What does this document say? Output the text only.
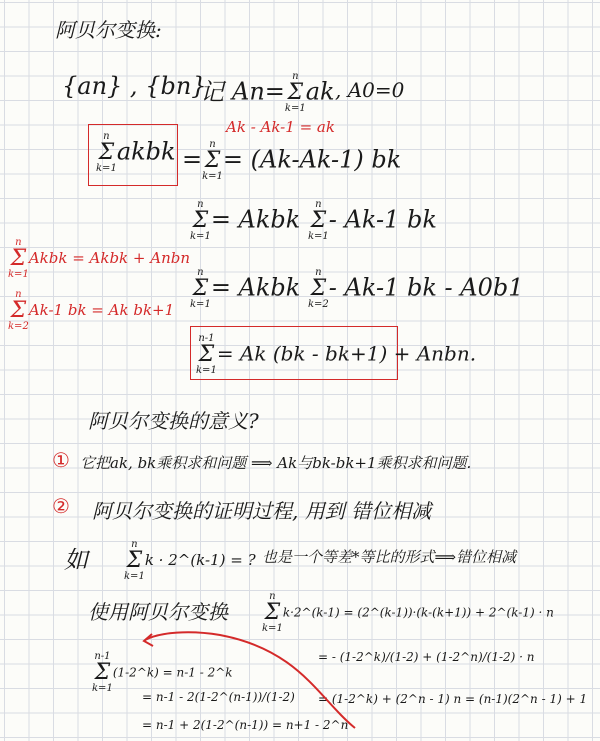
阿贝尔变换:
{an} , {bn}
记 An=
n
Σ
k=1
ak , A0=0
Ak - Ak-1 = ak
n
Σ
k=1
akbk =
n
Σ
k=1
= (Ak-Ak-1) bk
n
Σ
k=1
= Akbk
n
Σ
k=1
- Ak-1 bk
n
Σ
k=1
Akbk = Akbk + Anbn
n
Σ
k=2
Ak-1 bk = Ak bk+1
n
Σ
k=1
= Akbk
n
Σ
k=2
- Ak-1 bk - A0b1
n-1
Σ
k=1
= Ak (bk - bk+1) + Anbn.
阿贝尔变换的意义?
① 它把ak, bk乘积求和问题 ⟹ Ak与bk-bk+1乘积求和问题.
② 阿贝尔变换的证明过程, 用到 错位相减
如
n
Σ
k=1
k · 2^(k-1) = ? 也是一个等差*等比的形式⟹错位相减
使用阿贝尔变换
n
Σ
k=1
k·2^(k-1) = (2^(k-1))·(k-(k+1)) + 2^(k-1) · n
= - (1-2^k)/(1-2) + (1-2^n)/(1-2) · n
= (1-2^k) + (2^n - 1) n = (n-1)(2^n - 1) + 1
n-1
Σ
k=1
(1-2^k) = n-1 - 2^k
= n-1 - 2(1-2^(n-1))/(1-2)
= n-1 + 2(1-2^(n-1)) = n+1 - 2^n
